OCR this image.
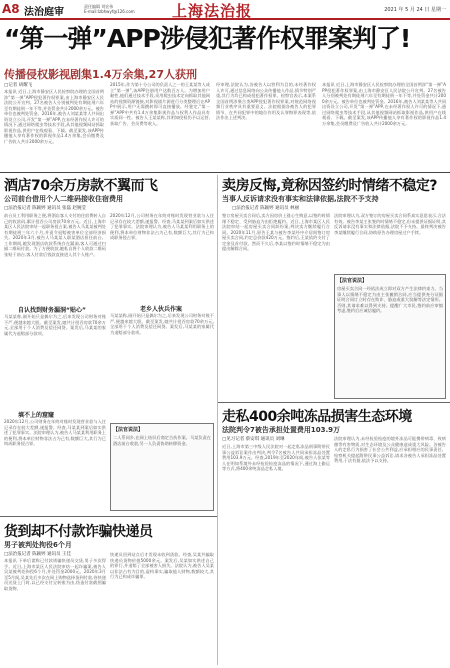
A8 法治庭审
责任编辑 刘宏伟
E-mail:lzbhwyf@126.com 上海法治报	2021 年 5 月 24 日 星期一
“第一弹”APP涉侵犯著作权罪案判了!
传播侵权影视剧集1.4万余集,27人获刑
□记者 胡耀飞
本报讯 近日,上海市静安区人民检察院办理的全国首例涉“第一弹”APP侵犯著作权罪案,由上海市静安区人民法院公开宣判。27名被告人分别被判处有期徒刑六年至有期徒刑一年不等,并处罚金共计2000余万元。被告单位也被判处罚金。2016年,被告人刘某某等人共同出资设立公司,开发“第一弹”APP,在未经著作权人许可的情况下,通过网络爬虫等技术手段,从其他视频网站抓取影视作品,供用户在线观看、下载。截至案发,该APP传播他人享有著作权的影视作品1.4万余集,会员缴费及广告收入共计2000余万元。
2015年,作为第十分公司的负责人之一的王某某等人成立“第一弹”,该APP注册用户达数百万人。为增加用户黏性,他们通过技术手段,采用爬虫技术定向抓取其他网站的视频资源链接,对影视剧片源进行分类整理后在APP中展示,用户无需跳转即可直接播放。经鉴定,“第一弹”APP中共有1.4万余集影视作品与权利人作品具有实质同一性。被告人王某某称,其明知侵权仍予以运营,获取广告、会员费等收入。
经审理,法院认为,各被告人以营利为目的,未经著作权人许可,通过信息网络向公众传播他人作品,情节特别严重,其行为均已构成侵犯著作权罪。检察官表示,本案系全国首例涉聚合类APP侵犯著作权罪案,对规范网络视频行业秩序具有重要意义。法院根据各被告人的犯罪情节、在共同犯罪中的地位作用及认罪悔罪表现等,依法作出上述判决。
本报讯 近日,上海市静安区人民检察院办理的全国首例涉“第一弹”APP侵犯著作权罪案,由上海市静安区人民法院公开宣判。27名被告人分别被判处有期徒刑六年至有期徒刑一年不等,并处罚金共计2000余万元。被告单位也被判处罚金。2016年,被告人刘某某等人共同出资设立公司,开发“第一弹”APP,在未经著作权人许可的情况下,通过网络爬虫等技术手段,从其他视频网站抓取影视作品,供用户在线观看、下载。截至案发,该APP传播他人享有著作权的影视作品1.4万余集,会员缴费及广告收入共计2000余万元。
酒店70余万房款不翼而飞
公司前台借用个人二维码接收住宿费用
□法治报记者 陈颖婷 通讯员 张磊 赵婉莹
前台员工利用职务之便,将酒店客人支付的住宿费转入自己的收款码,累计侵吞公司房款70余万元。近日,上海市某区人民法院审结一起职务侵占案,被告人马某某被判处有期徒刑三年六个月,并责令退赔被害单位全部经济损失。2020年3月,被告人马某某入职某酒店担任前台。工作期间,她发现酒店收款系统存在漏洞,客人可通过扫描二维码付款。为了方便收款,她私自将个人收款二维码张贴于前台,客人付款后钱款直接进入其个人账户。
自认找到财务漏洞“贴心”
马某某称,刚开始只是偶尔为之,后来发现公司财务对账不严,便越来越大胆。截至案发,她共计侵吞房款70余万元,全部用于个人消费及偿还网贷。案发后,马某某的家属代为退赔部分款项。
填不上的窟窿
2020年12月,公司财务在年终对账时发现营业款与入住记录存在较大差额,遂报警。经查,马某某到案后如实供述了犯罪事实。法院审理认为,被告人马某某利用职务上的便利,将本单位财物非法占为己有,数额巨大,其行为已构成职务侵占罪。
2020年12月,公司财务在年终对账时发现营业款与入住记录存在较大差额,遂报警。经查,马某某到案后如实供述了犯罪事实。法院审理认为,被告人马某某利用职务上的便利,将本单位财物非法占为己有,数额巨大,其行为已构成职务侵占罪。
老乡人伙兵作案
马某某称,刚开始只是偶尔为之,后来发现公司财务对账不严,便越来越大胆。截至案发,她共计侵吞房款70余万元,全部用于个人消费及偿还网贷。案发后,马某某的家属代为退赔部分款项。
【法官说法】
二人系同乡,在网上结识后商定合伙作案。马某负责在酒店前台收款,另一人负责协助转移资金。
货到却不付款诈骗快递员
男子被判处拘役6个月
□法治报记者 陈颖婷 通讯员 王佳
本报讯 下单后谎称已付款诱骗快递员交货,男子多次得手。近日,上海市某区人民法院审结一起诈骗案,被告人吴某被判处拘役6个月,并处罚金2000元。2020年3月至5月间,吴某先后多次在网上购物选择货到付款,待快递员送货上门时,以已经支付宝转账为由,伪造付款截图骗取货物。
快递员回到站点后才发现未收到货款。经查,吴某共骗取快递员货物价值5000余元。案发后,吴某如实供述自己的罪行,并退赔了全部被害人损失。法院认为,被告人吴某以非法占有为目的,虚构事实,骗取他人财物,数额较大,其行为已构成诈骗罪。
卖房反悔,竟称因签约时情绪不稳定?
当事人反诉请求没有事实和法律依据,法院不予支持
□法治报记者 陈颖婷 通讯员 林丽
签订房屋买卖合同后,卖方因房价上涨心生悔意,以签约时情绪不稳定、受到胁迫为由拒绝履约。近日,上海市某区人民法院审结一起房屋买卖合同纠纷案,判决卖方继续履行合同。2020年11月,原告王某与被告李某经中介居间签订房屋买卖合同,约定总价款420万元。签约后,王某依约支付了定金及首付款。然而不久后,李某以签约时情绪不稳定为由提出解除合同。
法院审理认为,双方签订的房屋买卖合同系真实意思表示,合法有效。被告李某主张签约时情绪不稳定,但未提供证据证明,其反诉请求没有事实和法律依据,法院不予支持。最终判决被告李某继续履行合同,协助原告办理房屋过户手续。
【法官说法】
房屋买卖合同一经依法成立即对双方产生法律约束力。当事人以情绪不稳定为由主张撤销合同,应当提供充分证据证明合同订立时存在欺诈、胁迫或重大误解等法定情形。否则,其请求难以得到支持。提醒广大市民,签约前应审慎考虑,签约后应诚信履约。
走私400余吨冻品损害生态环境
法院判令7被告承担处置费用103.9万
□见习记者 蔡安琪 通讯员 刘琳
近日,上海市第三中级人民法院对一起走私冻品刑事附带民事公益诉讼案作出判决,判令7名被告人共同承担冻品处置费用103.9万元。经查,2019年至2020年间,被告人张某等人在明知系境外未经检验检疫冻品的情况下,通过海上偷运等方式,将400余吨冻品走私入境。
法院审理认为,未经检验检疫的境外冻品可能携带病毒、致病菌等有害物质,对生态环境及公众健康造成重大风险。各被告人的走私行为损害了社会公共利益,应承担相应的民事责任。检察机关提起附带民事公益诉讼,请求各被告人承担冻品处置费用,于法有据,依法予以支持。
